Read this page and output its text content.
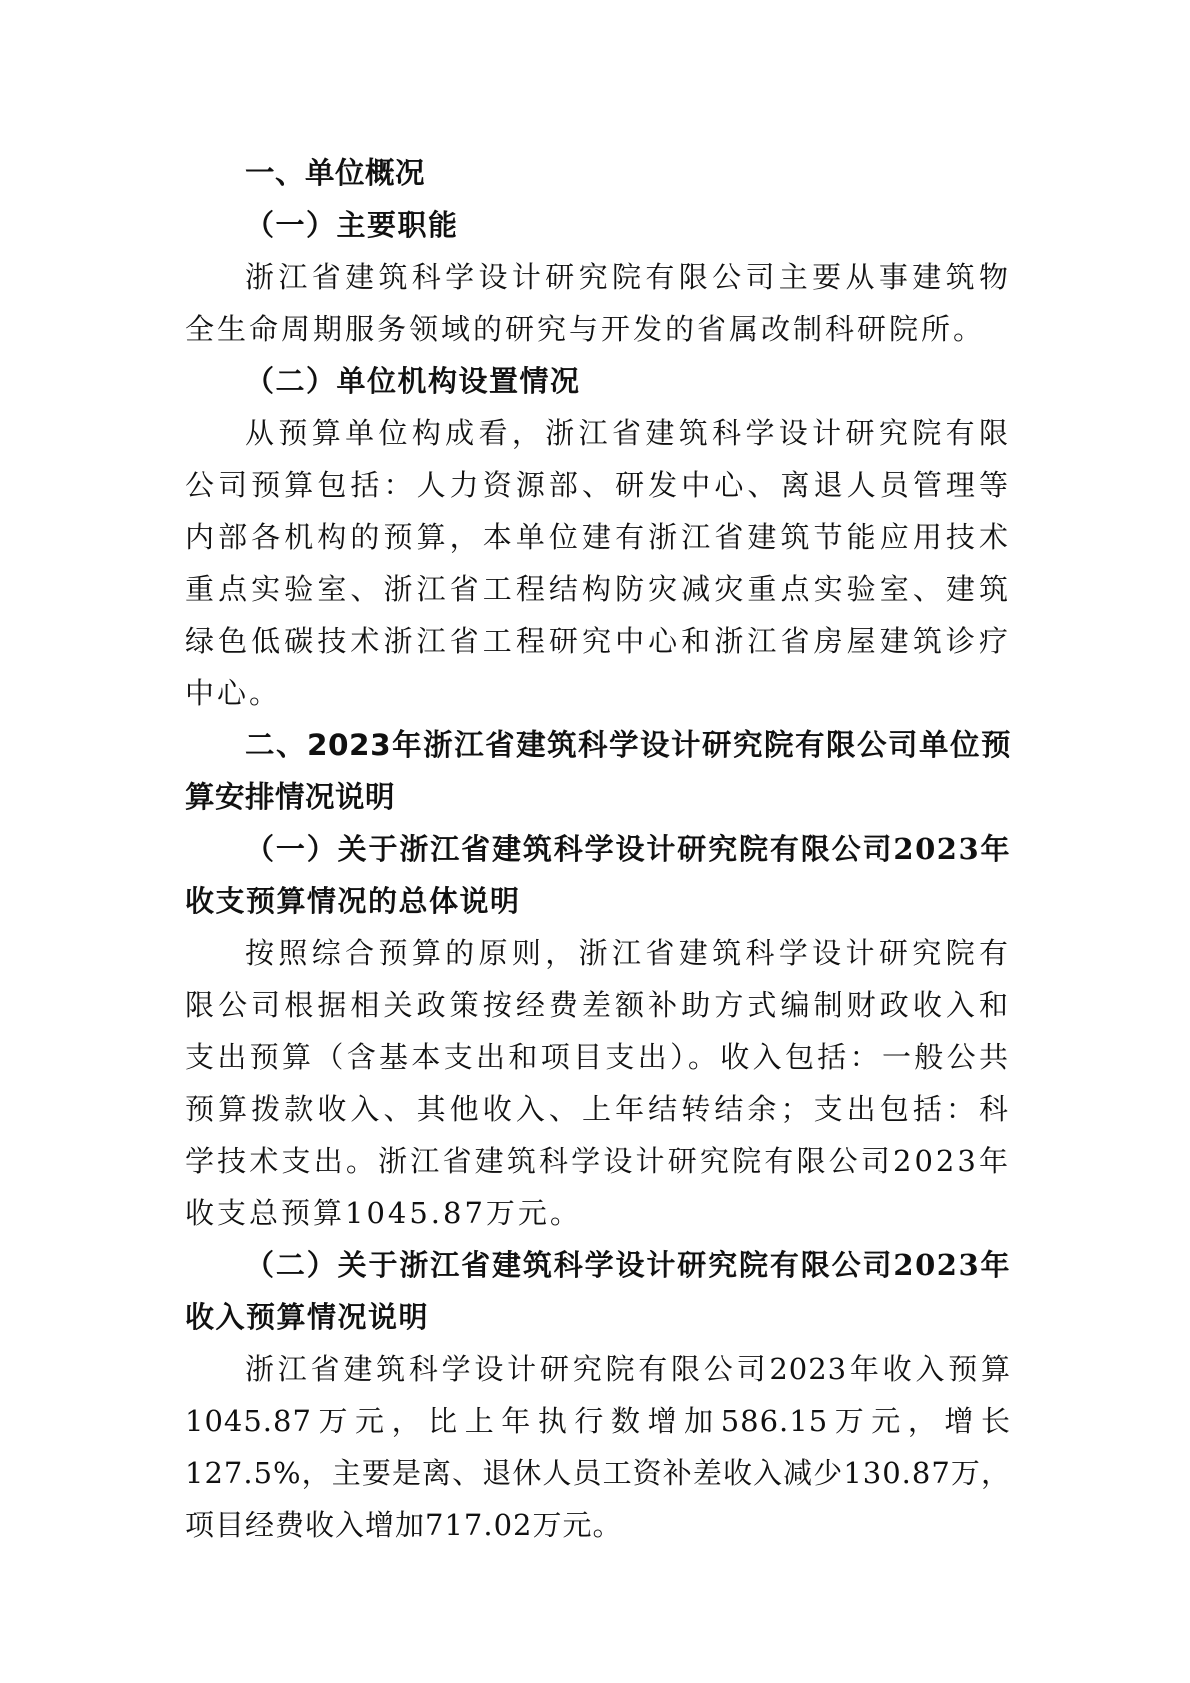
一、单位概况

（一）主要职能

浙江省建筑科学设计研究院有限公司主要从事建筑物全生命周期服务领域的研究与开发的省属改制科研院所。

（二）单位机构设置情况

从预算单位构成看，浙江省建筑科学设计研究院有限公司预算包括：人力资源部、研发中心、离退人员管理等内部各机构的预算，本单位建有浙江省建筑节能应用技术重点实验室、浙江省工程结构防灾减灾重点实验室、建筑绿色低碳技术浙江省工程研究中心和浙江省房屋建筑诊疗中心。

二、2023年浙江省建筑科学设计研究院有限公司单位预算安排情况说明

（一）关于浙江省建筑科学设计研究院有限公司2023年收支预算情况的总体说明

按照综合预算的原则，浙江省建筑科学设计研究院有限公司根据相关政策按经费差额补助方式编制财政收入和支出预算（含基本支出和项目支出）。收入包括：一般公共预算拨款收入、其他收入、上年结转结余；支出包括：科学技术支出。浙江省建筑科学设计研究院有限公司2023年收支总预算1045.87万元。

（二）关于浙江省建筑科学设计研究院有限公司2023年收入预算情况说明

浙江省建筑科学设计研究院有限公司2023年收入预算1045.87万元，比上年执行数增加586.15万元，增长127.5%，主要是离、退休人员工资补差收入减少130.87万，项目经费收入增加717.02万元。
